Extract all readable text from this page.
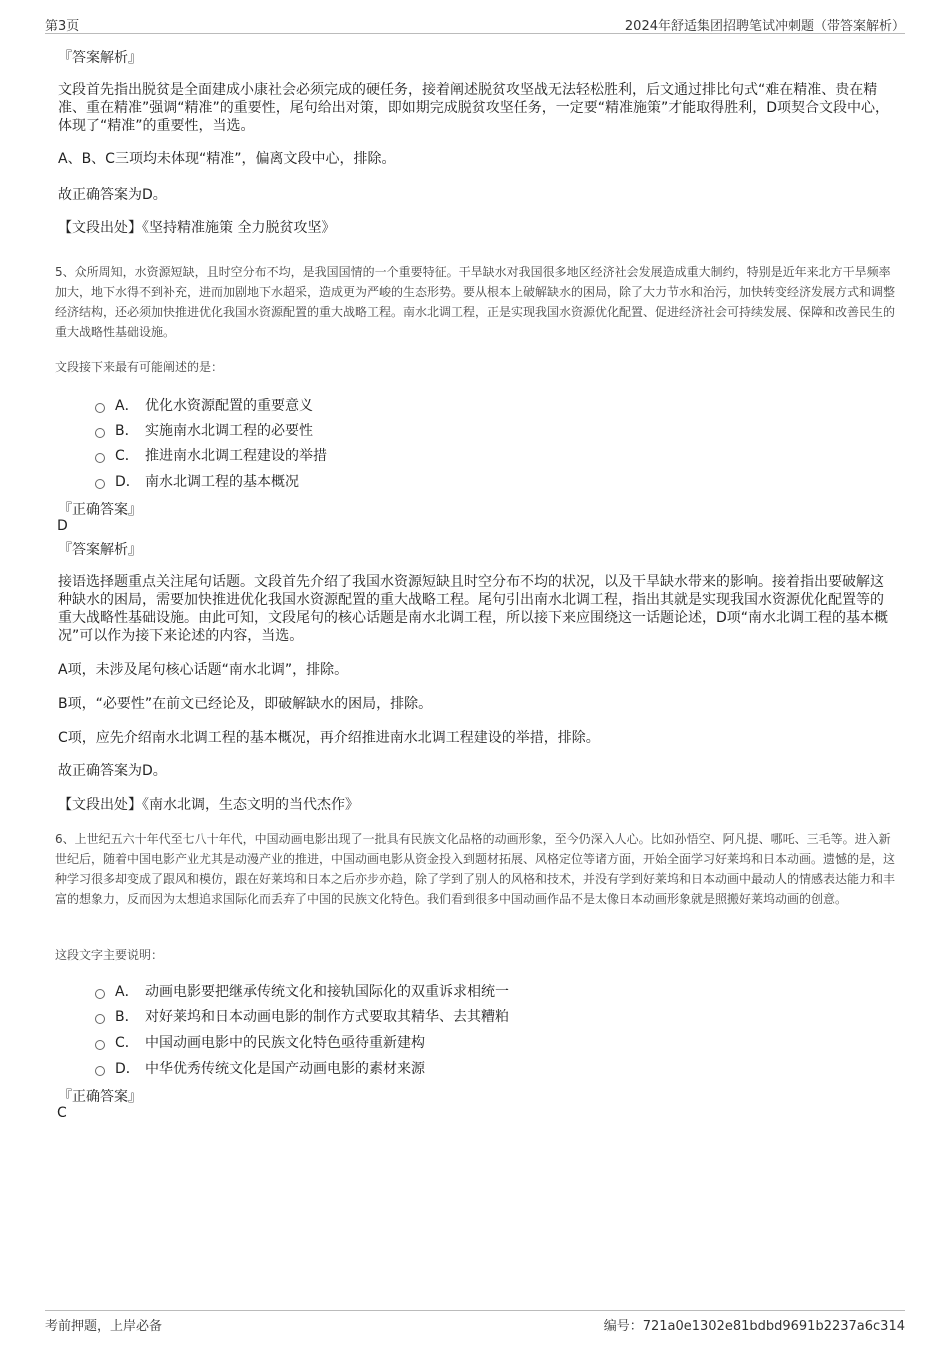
第3页	2024年舒适集团招聘笔试冲刺题（带答案解析）
『答案解析』
文段首先指出脱贫是全面建成小康社会必须完成的硬任务，接着阐述脱贫攻坚战无法轻松胜利，后文通过排比句式“难在精准、贵在精准、重在精准”强调“精准”的重要性，尾句给出对策，即如期完成脱贫攻坚任务，一定要“精准施策”才能取得胜利，D项契合文段中心，体现了“精准”的重要性，当选。
A、B、C三项均未体现“精准”，偏离文段中心，排除。
故正确答案为D。
【文段出处】《坚持精准施策 全力脱贫攻坚》
5、众所周知，水资源短缺，且时空分布不均，是我国国情的一个重要特征。干旱缺水对我国很多地区经济社会发展造成重大制约，特别是近年来北方干旱频率加大，地下水得不到补充，进而加剧地下水超采，造成更为严峻的生态形势。要从根本上破解缺水的困局，除了大力节水和治污，加快转变经济发展方式和调整经济结构，还必须加快推进优化我国水资源配置的重大战略工程。南水北调工程，正是实现我国水资源优化配置、促进经济社会可持续发展、保障和改善民生的重大战略性基础设施。
文段接下来最有可能阐述的是：
A． 优化水资源配置的重要意义
B． 实施南水北调工程的必要性
C． 推进南水北调工程建设的举措
D． 南水北调工程的基本概况
『正确答案』
D
『答案解析』
接语选择题重点关注尾句话题。文段首先介绍了我国水资源短缺且时空分布不均的状况，以及干旱缺水带来的影响。接着指出要破解这种缺水的困局，需要加快推进优化我国水资源配置的重大战略工程。尾句引出南水北调工程，指出其就是实现我国水资源优化配置等的重大战略性基础设施。由此可知，文段尾句的核心话题是南水北调工程，所以接下来应围绕这一话题论述，D项“南水北调工程的基本概况”可以作为接下来论述的内容，当选。
A项，未涉及尾句核心话题“南水北调”，排除。
B项，“必要性”在前文已经论及，即破解缺水的困局，排除。
C项，应先介绍南水北调工程的基本概况，再介绍推进南水北调工程建设的举措，排除。
故正确答案为D。
【文段出处】《南水北调，生态文明的当代杰作》
6、上世纪五六十年代至七八十年代，中国动画电影出现了一批具有民族文化品格的动画形象，至今仍深入人心。比如孙悟空、阿凡提、哪吒、三毛等。进入新世纪后，随着中国电影产业尤其是动漫产业的推进，中国动画电影从资金投入到题材拓展、风格定位等诸方面，开始全面学习好莱坞和日本动画。遗憾的是，这种学习很多却变成了跟风和模仿，跟在好莱坞和日本之后亦步亦趋，除了学到了别人的风格和技术，并没有学到好莱坞和日本动画中最动人的情感表达能力和丰富的想象力，反而因为太想追求国际化而丢弃了中国的民族文化特色。我们看到很多中国动画作品不是太像日本动画形象就是照搬好莱坞动画的创意。
这段文字主要说明：
A． 动画电影要把继承传统文化和接轨国际化的双重诉求相统一
B． 对好莱坞和日本动画电影的制作方式要取其精华、去其糟粕
C． 中国动画电影中的民族文化特色亟待重新建构
D． 中华优秀传统文化是国产动画电影的素材来源
『正确答案』
C
考前押题，上岸必备	编号：721a0e1302e81bdbd9691b2237a6c314
